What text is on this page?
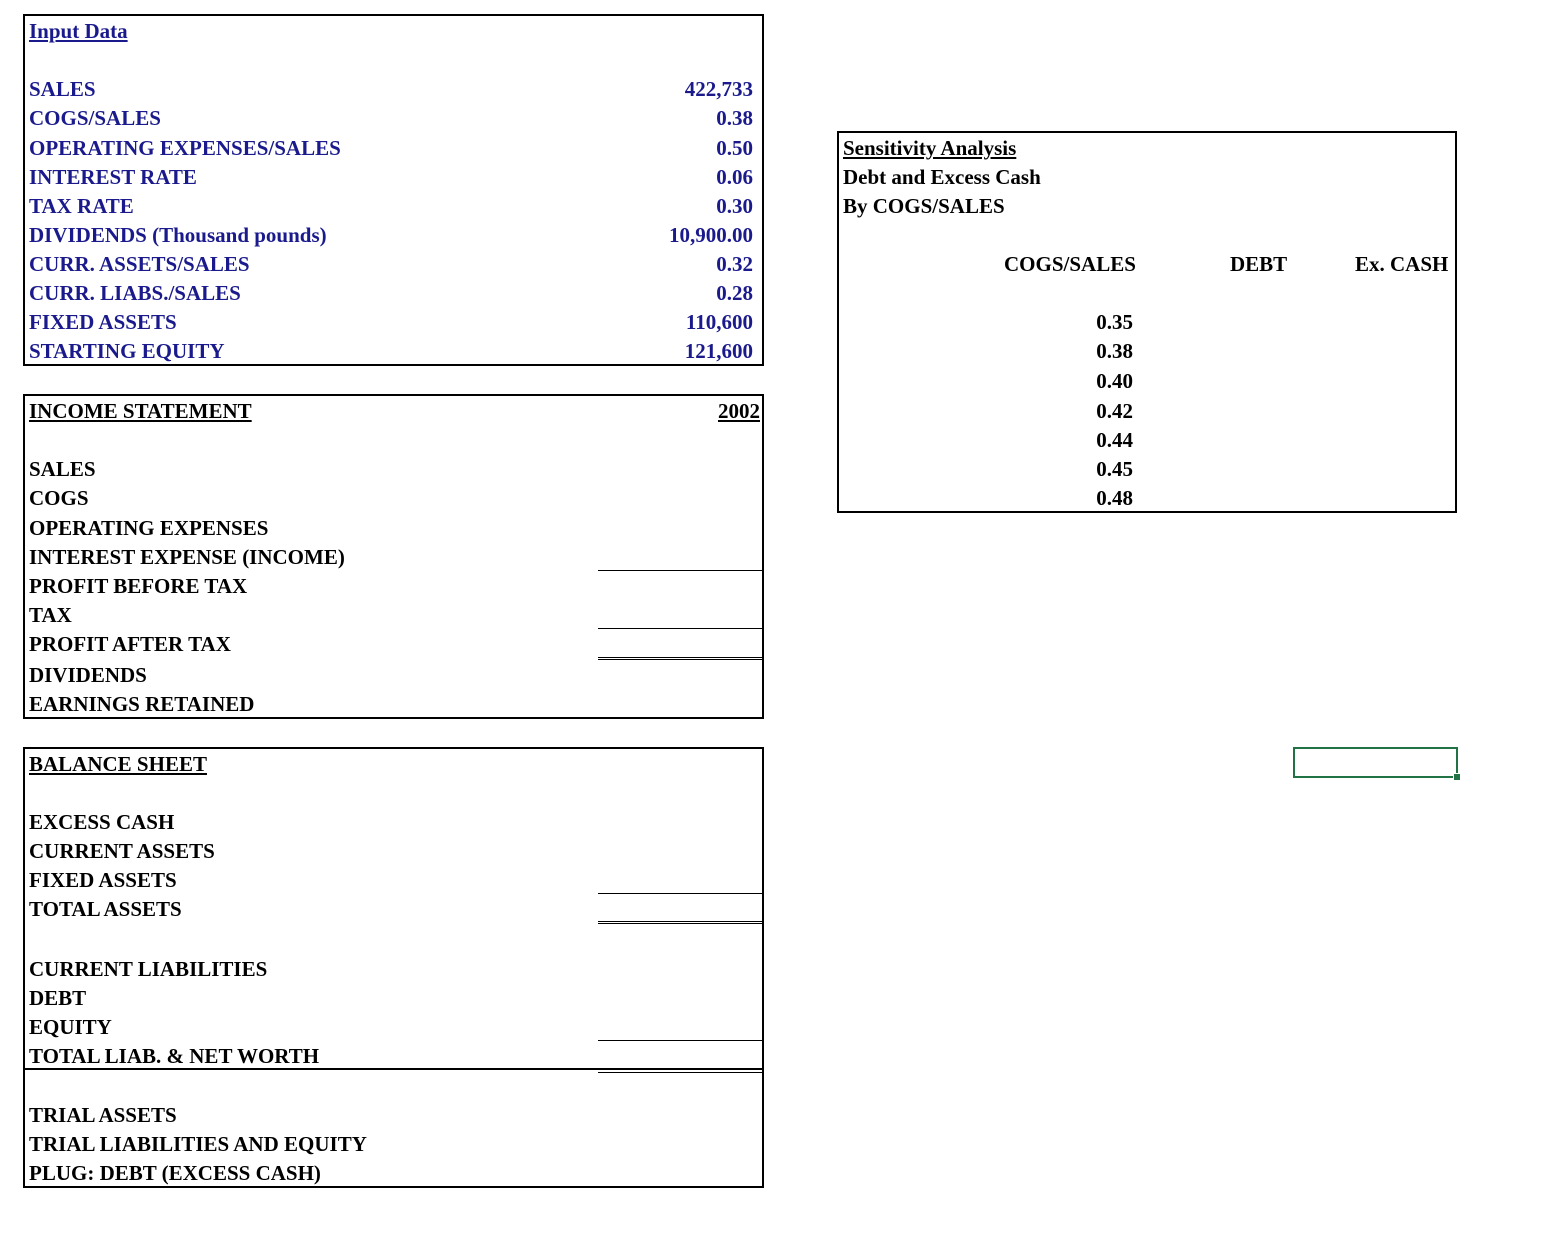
Input Data
SALES	422,733
COGS/SALES	0.38
OPERATING EXPENSES/SALES	0.50
INTEREST RATE	0.06
TAX RATE	0.30
DIVIDENDS (Thousand pounds)	10,900.00
CURR. ASSETS/SALES	0.32
CURR. LIABS./SALES	0.28
FIXED ASSETS	110,600
STARTING EQUITY	121,600
INCOME STATEMENT	2002
SALES
COGS
OPERATING EXPENSES
INTEREST EXPENSE (INCOME)
PROFIT BEFORE TAX
TAX
PROFIT AFTER TAX
DIVIDENDS
EARNINGS RETAINED
BALANCE SHEET
EXCESS CASH
CURRENT ASSETS
FIXED ASSETS
TOTAL ASSETS
CURRENT LIABILITIES
DEBT
EQUITY
TOTAL LIAB. & NET WORTH
TRIAL ASSETS
TRIAL LIABILITIES AND EQUITY
PLUG: DEBT (EXCESS CASH)
Sensitivity Analysis
Debt and Excess Cash
By COGS/SALES
COGS/SALES	DEBT	Ex. CASH
0.35
0.38
0.40
0.42
0.44
0.45
0.48
